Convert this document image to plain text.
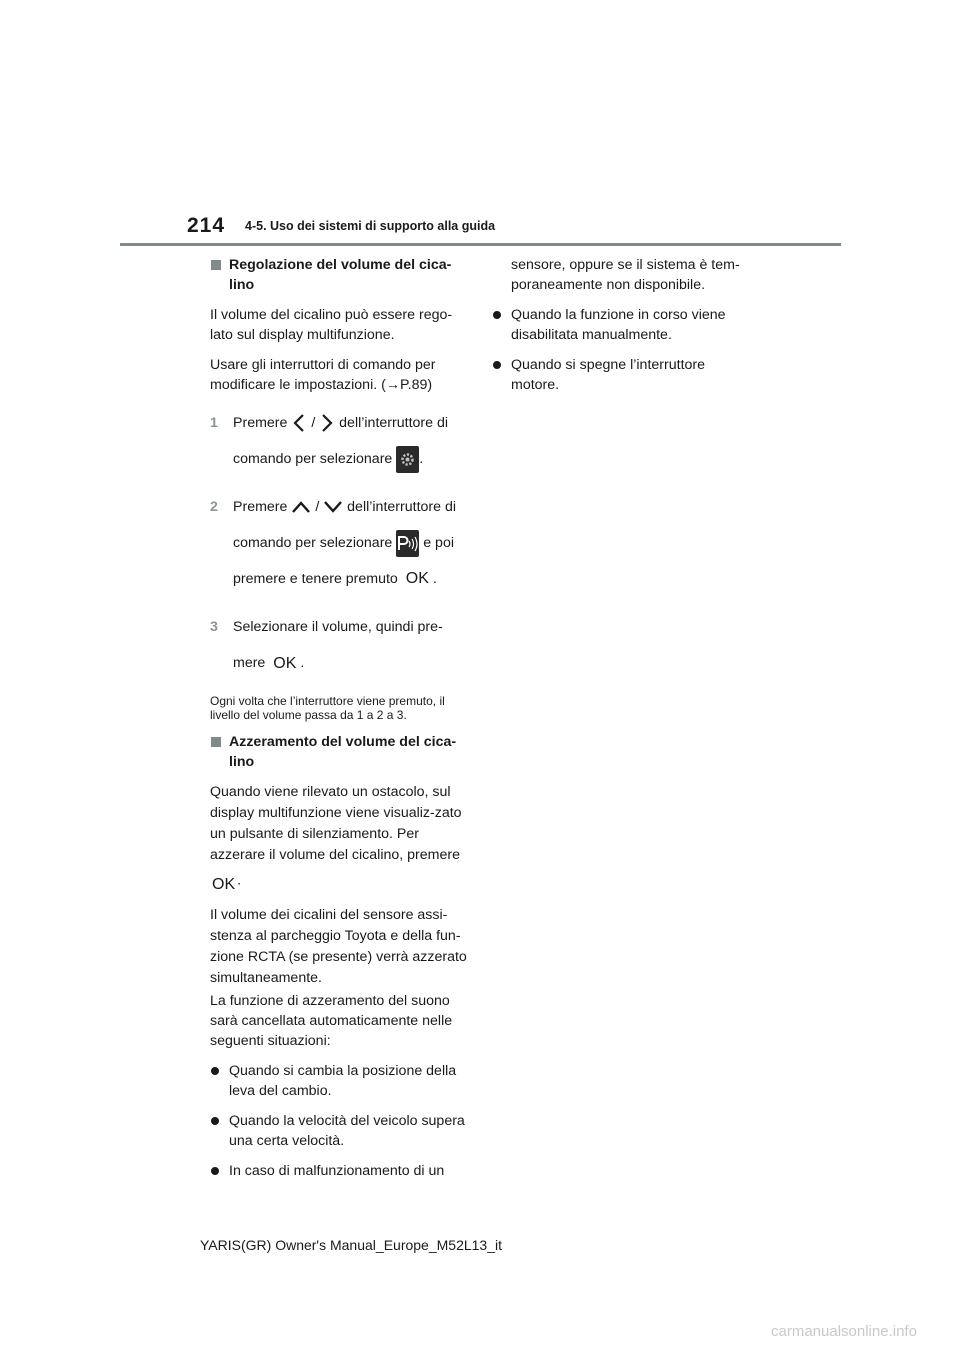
214 4-5. Uso dei sistemi di supporto alla guida
Regolazione del volume del cica-lino

Il volume del cicalino può essere rego-lato sul display multifunzione.

Usare gli interruttori di comando per modificare le impostazioni. (→P.89)

1 Premere / dell’interruttore di comando per selezionare .
2 Premere / dell’interruttore di comando per selezionare e poi premere e tenere premuto OK .
3 Selezionare il volume, quindi pre-mere OK .

Ogni volta che l’interruttore viene premuto, il livello del volume passa da 1 a 2 a 3.

Azzeramento del volume del cica-lino

Quando viene rilevato un ostacolo, sul display multifunzione viene visualiz-zato un pulsante di silenziamento. Per azzerare il volume del cicalino, premere
OK .

Il volume dei cicalini del sensore assi-stenza al parcheggio Toyota e della fun-zione RCTA (se presente) verrà azzerato simultaneamente.

La funzione di azzeramento del suono sarà cancellata automaticamente nelle seguenti situazioni:

Quando si cambia la posizione della leva del cambio.
Quando la velocità del veicolo supera una certa velocità.
In caso di malfunzionamento di un

sensore, oppure se il sistema è tem-poraneamente non disponibile.

Quando la funzione in corso viene disabilitata manualmente.
Quando si spegne l’interruttore motore.
YARIS(GR) Owner's Manual_Europe_M52L13_it
carmanualsonline.info
